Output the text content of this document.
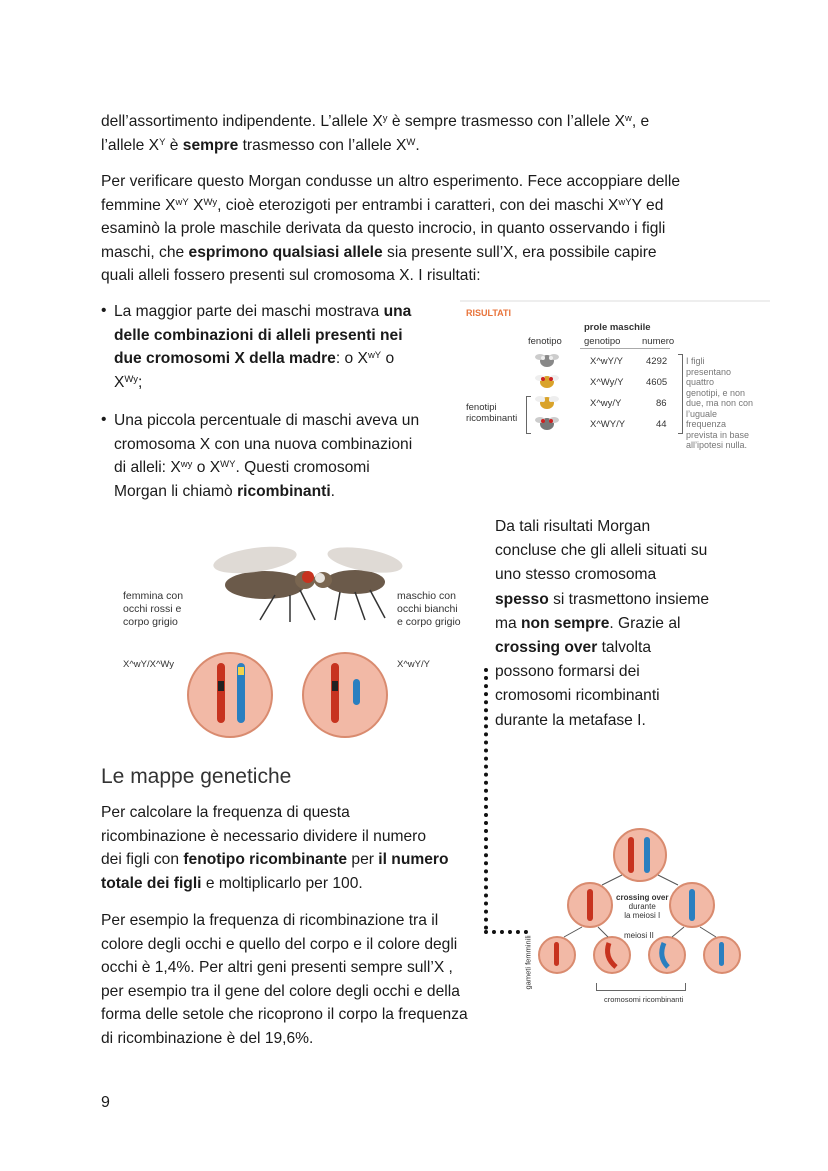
dell’assortimento indipendente. L’allele $X^y$ è sempre trasmesso con l’allele $X^w$, e
l’allele $X^Y$ è sempre trasmesso con l’allele $X^W$.
Per verificare questo Morgan condusse un altro esperimento. Fece accoppiare delle
femmine $X^{wY}$ $X^{Wy}$, cioè eterozigoti per entrambi i caratteri, con dei maschi $X^{wY}Y$ ed
esaminò la prole maschile derivata da questo incrocio, in quanto osservando i figli
maschi, che esprimono qualsiasi allele sia presente sull’X, era possibile capire
quali alleli fossero presenti sul cromosoma X. I risultati:
• La maggior parte dei maschi mostrava una
delle combinazioni di alleli presenti nei
due cromosomi X della madre: o $X^{wY}$ o
$X^{Wy}$;
• Una piccola percentuale di maschi aveva un
cromosoma X con una nuova combinazioni
di alleli: $X^{wy}$ o $X^{WY}$. Questi cromosomi
Morgan li chiamò ricombinanti.
RISULTATI
prole maschile
fenotipo genotipo numero
X^wY/Y 4292
X^Wy/Y 4605
X^wy/Y	86
X^WY/Y	44
fenotipi
ricombinanti
I figli
presentano
quattro
genotipi, e non
due, ma non con
l’uguale
frequenza
prevista in base
all’ipotesi nulla.
femmina con
occhi rossi e
corpo grigio
maschio con
occhi bianchi
e corpo grigio
X^wY/X^Wy	X^wY/Y
Da tali risultati Morgan
concluse che gli alleli situati su
uno stesso cromosoma
spesso si trasmettono insieme
ma non sempre. Grazie al
crossing over talvolta
possono formarsi dei
cromosomi ricombinanti
durante la metafase I.
Le mappe genetiche
Per calcolare la frequenza di questa
ricombinazione è necessario dividere il numero
dei figli con fenotipo ricombinante per il numero
totale dei figli e moltiplicarlo per 100.
Per esempio la frequenza di ricombinazione tra il
colore degli occhi e quello del corpo e il colore degli
occhi è 1,4%. Per altri geni presenti sempre sull’X ,
per esempio tra il gene del colore degli occhi e della
forma delle setole che ricoprono il corpo la frequenza
di ricombinazione è del 19,6%.
crossing over
durante
la meiosi I
meiosi II
gameti femminili
cromosomi ricombinanti
9
